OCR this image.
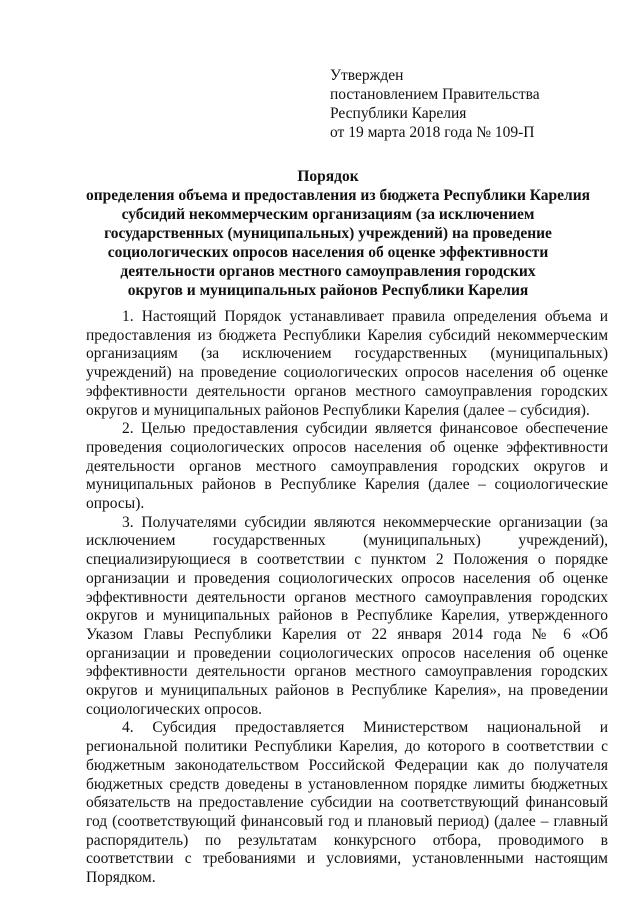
Утвержден
постановлением Правительства
Республики Карелия
от 19 марта 2018 года № 109-П
Порядок
определения объема и предоставления из бюджета Республики Карелия
субсидий некоммерческим организациям (за исключением
государственных (муниципальных) учреждений) на проведение
социологических опросов населения об оценке эффективности
деятельности органов местного самоуправления городских
округов и муниципальных районов Республики Карелия

1. Настоящий Порядок устанавливает правила определения объема и предоставления из бюджета Республики Карелия субсидий некоммерческим организациям (за исключением государственных (муниципальных) учреждений) на проведение социологических опросов населения об оценке эффективности деятельности органов местного самоуправления городских округов и муниципальных районов Республики Карелия (далее – субсидия).

2. Целью предоставления субсидии является финансовое обеспечение проведения социологических опросов населения об оценке эффективности деятельности органов местного самоуправления городских округов и муниципальных районов в Республике Карелия (далее – социологические опросы).

3. Получателями субсидии являются некоммерческие организации (за исключением государственных (муниципальных) учреждений), специализирующиеся в соответствии с пунктом 2 Положения о порядке организации и проведения социологических опросов населения об оценке эффективности деятельности органов местного самоуправления городских округов и муниципальных районов в Республике Карелия, утвержденного Указом Главы Республики Карелия от 22 января 2014 года № 6 «Об организации и проведении социологических опросов населения об оценке эффективности деятельности органов местного самоуправления городских округов и муниципальных районов в Республике Карелия», на проведении социологических опросов.

4. Субсидия предоставляется Министерством национальной и региональной политики Республики Карелия, до которого в соответствии с бюджетным законодательством Российской Федерации как до получателя бюджетных средств доведены в установленном порядке лимиты бюджетных обязательств на предоставление субсидии на соответствующий финансовый год (соответствующий финансовый год и плановый период) (далее – главный распорядитель) по результатам конкурсного отбора, проводимого в соответствии с требованиями и условиями, установленными настоящим Порядком.
